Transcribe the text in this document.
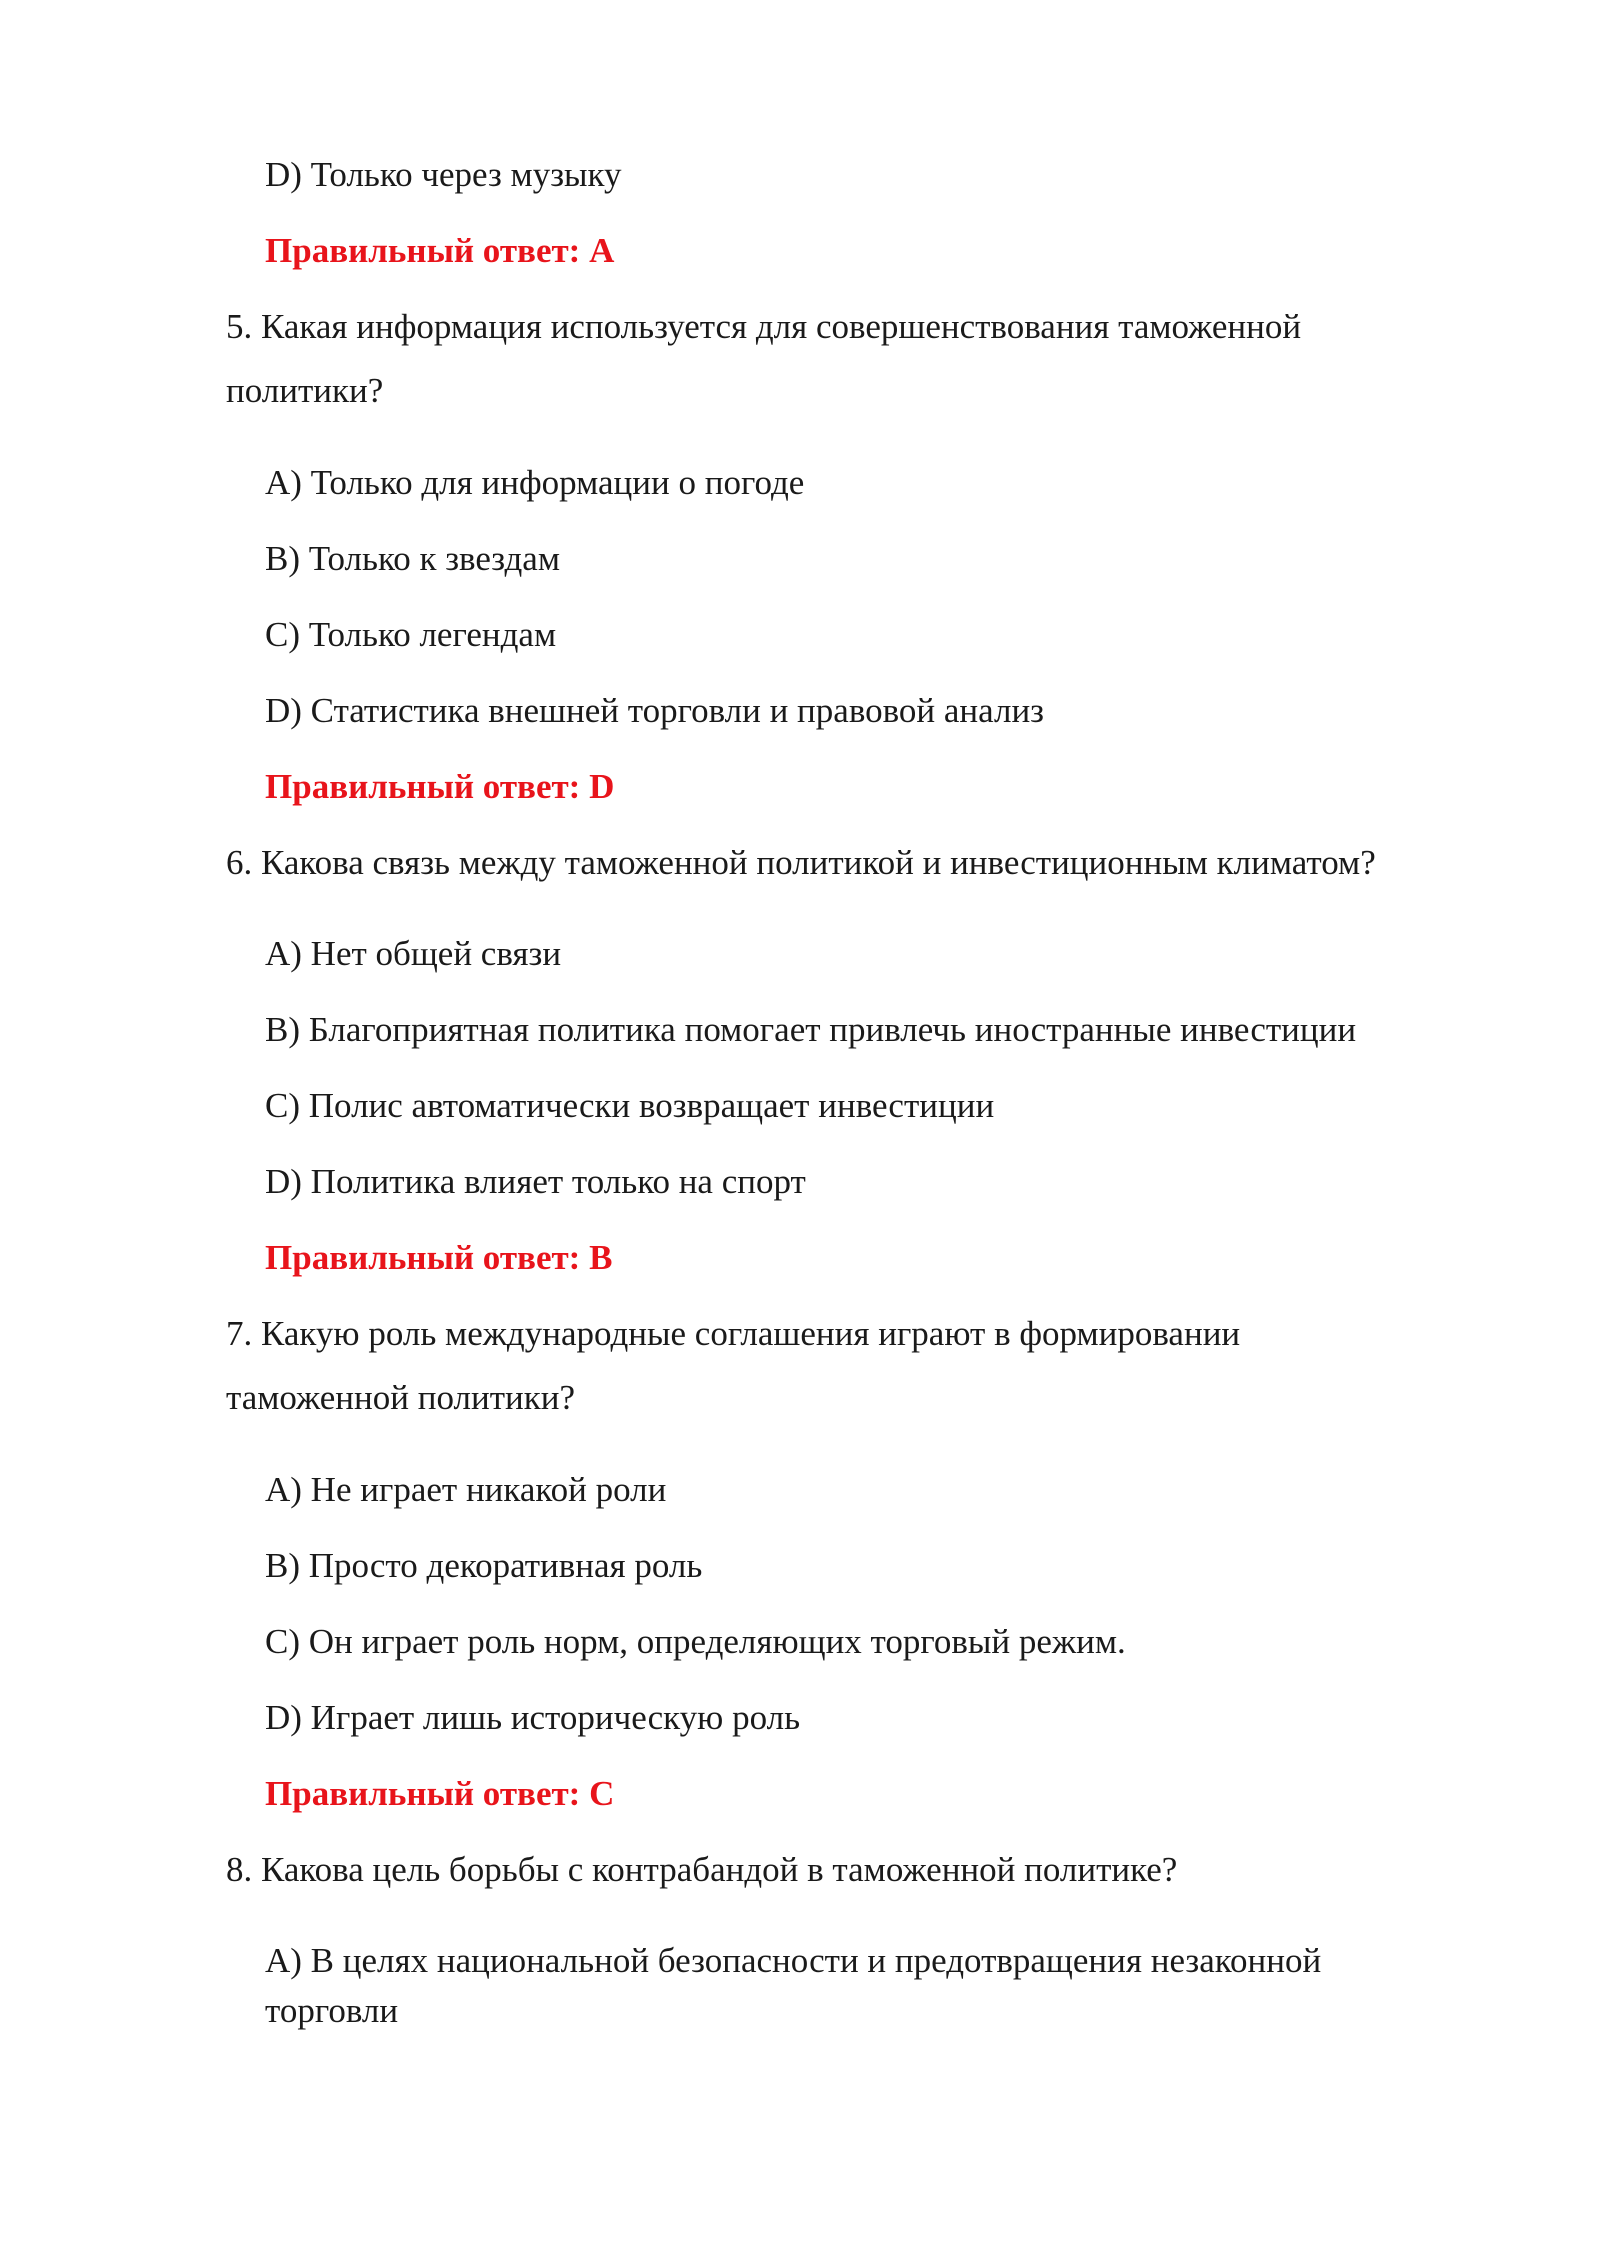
D) Только через музыку
Правильный ответ: A
5. Какая информация используется для совершенствования таможенной
политики?
A) Только для информации о погоде
B) Только к звездам
C) Только легендам
D) Статистика внешней торговли и правовой анализ
Правильный ответ: D
6. Какова связь между таможенной политикой и инвестиционным климатом?
A) Нет общей связи
B) Благоприятная политика помогает привлечь иностранные инвестиции
C) Полис автоматически возвращает инвестиции
D) Политика влияет только на спорт
Правильный ответ: B
7. Какую роль международные соглашения играют в формировании
таможенной политики?
A) Не играет никакой роли
B) Просто декоративная роль
C) Он играет роль норм, определяющих торговый режим.
D) Играет лишь историческую роль
Правильный ответ: C
8. Какова цель борьбы с контрабандой в таможенной политике?
A) В целях национальной безопасности и предотвращения незаконной
торговли
